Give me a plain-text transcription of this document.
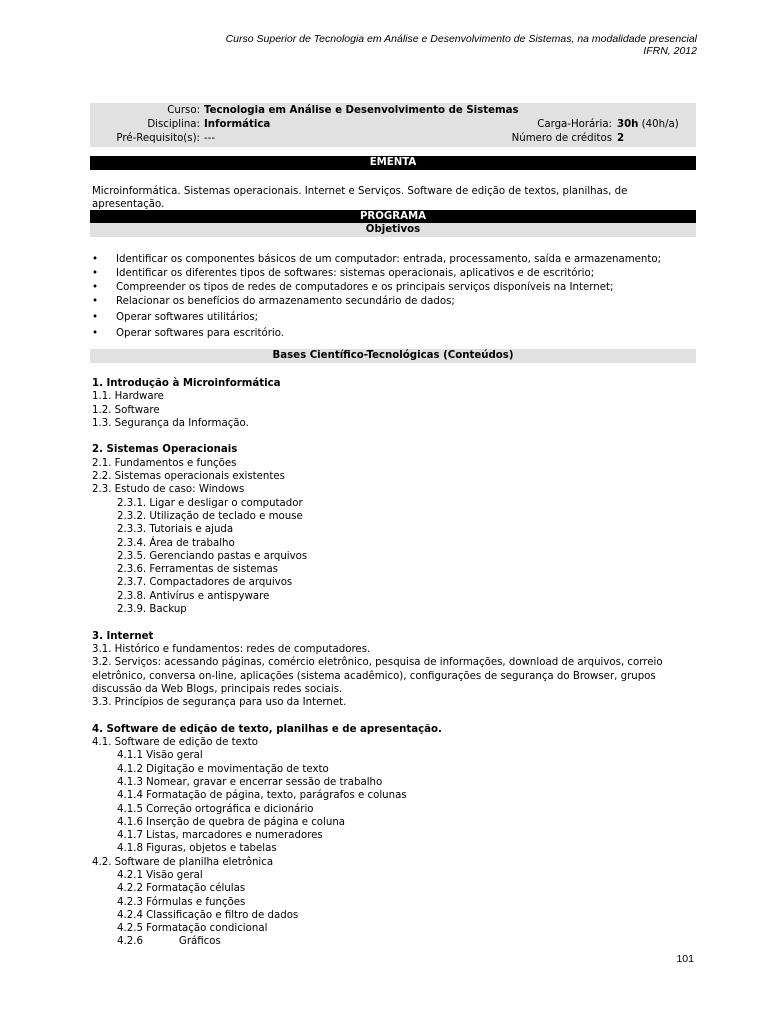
Curso Superior de Tecnologia em Análise e Desenvolvimento de Sistemas, na modalidade presencial
IFRN, 2012
Curso: Tecnologia em Análise e Desenvolvimento de Sistemas
Disciplina: Informática	Carga-Horária: 30h (40h/a)
Pré-Requisito(s): ---	Número de créditos 2
EMENTA
Microinformática. Sistemas operacionais. Internet e Serviços. Software de edição de textos, planilhas, de apresentação.
PROGRAMA
Objetivos
• Identificar os componentes básicos de um computador: entrada, processamento, saída e armazenamento;
• Identificar os diferentes tipos de softwares: sistemas operacionais, aplicativos e de escritório;
• Compreender os tipos de redes de computadores e os principais serviços disponíveis na Internet;
• Relacionar os benefícios do armazenamento secundário de dados;
• Operar softwares utilitários;
• Operar softwares para escritório.
Bases Científico-Tecnológicas (Conteúdos)
1. Introdução à Microinformática
1.1. Hardware
1.2. Software
1.3. Segurança da Informação.
2. Sistemas Operacionais
2.1. Fundamentos e funções
2.2. Sistemas operacionais existentes
2.3. Estudo de caso: Windows
2.3.1. Ligar e desligar o computador
2.3.2. Utilização de teclado e mouse
2.3.3. Tutoriais e ajuda
2.3.4. Área de trabalho
2.3.5. Gerenciando pastas e arquivos
2.3.6. Ferramentas de sistemas
2.3.7. Compactadores de arquivos
2.3.8. Antivírus e antispyware
2.3.9. Backup
3. Internet
3.1. Histórico e fundamentos: redes de computadores.
3.2. Serviços: acessando páginas, comércio eletrônico, pesquisa de informações, download de arquivos, correio eletrônico, conversa on-line, aplicações (sistema acadêmico), configurações de segurança do Browser, grupos discussão da Web Blogs, principais redes sociais.
3.3. Princípios de segurança para uso da Internet.
4. Software de edição de texto, planilhas e de apresentação.
4.1. Software de edição de texto
4.1.1 Visão geral
4.1.2 Digitação e movimentação de texto
4.1.3 Nomear, gravar e encerrar sessão de trabalho
4.1.4 Formatação de página, texto, parágrafos e colunas
4.1.5 Correção ortográfica e dicionário
4.1.6 Inserção de quebra de página e coluna
4.1.7 Listas, marcadores e numeradores
4.1.8 Figuras, objetos e tabelas
4.2. Software de planilha eletrônica
4.2.1 Visão geral
4.2.2 Formatação células
4.2.3 Fórmulas e funções
4.2.4 Classificação e filtro de dados
4.2.5 Formatação condicional
4.2.6	Gráficos
101
